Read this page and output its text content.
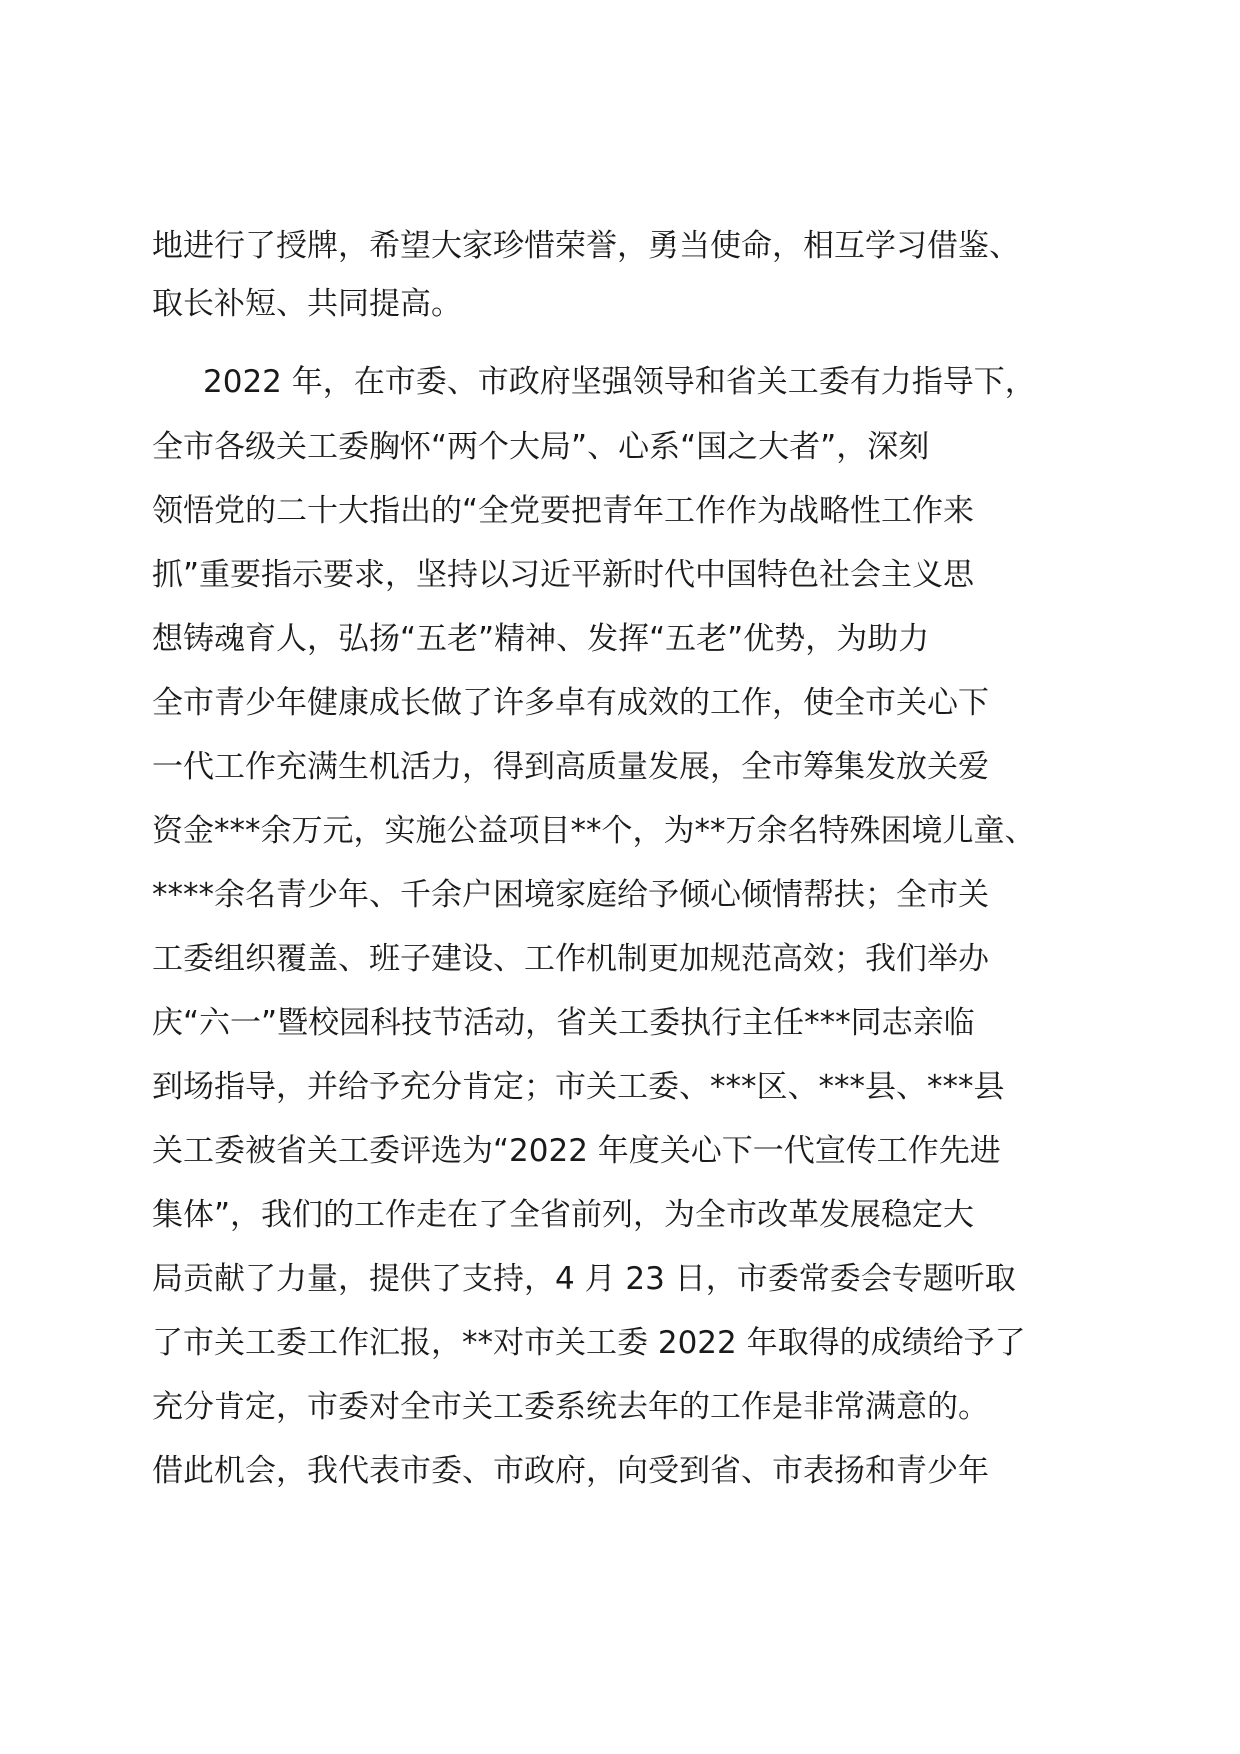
地进行了授牌，希望大家珍惜荣誉，勇当使命，相互学习借鉴、
取长补短、共同提高。
2022 年，在市委、市政府坚强领导和省关工委有力指导下，
全市各级关工委胸怀“两个大局”、心系“国之大者”，深刻
领悟党的二十大指出的“全党要把青年工作作为战略性工作来
抓”重要指示要求，坚持以习近平新时代中国特色社会主义思
想铸魂育人，弘扬“五老”精神、发挥“五老”优势，为助力
全市青少年健康成长做了许多卓有成效的工作，使全市关心下
一代工作充满生机活力，得到高质量发展，全市筹集发放关爱
资金***余万元，实施公益项目**个，为**万余名特殊困境儿童、
****余名青少年、千余户困境家庭给予倾心倾情帮扶；全市关
工委组织覆盖、班子建设、工作机制更加规范高效；我们举办
庆“六一”暨校园科技节活动，省关工委执行主任***同志亲临
到场指导，并给予充分肯定；市关工委、***区、***县、***县
关工委被省关工委评选为“2022 年度关心下一代宣传工作先进
集体”，我们的工作走在了全省前列，为全市改革发展稳定大
局贡献了力量，提供了支持，4 月 23 日，市委常委会专题听取
了市关工委工作汇报，**对市关工委 2022 年取得的成绩给予了
充分肯定，市委对全市关工委系统去年的工作是非常满意的。
借此机会，我代表市委、市政府，向受到省、市表扬和青少年
